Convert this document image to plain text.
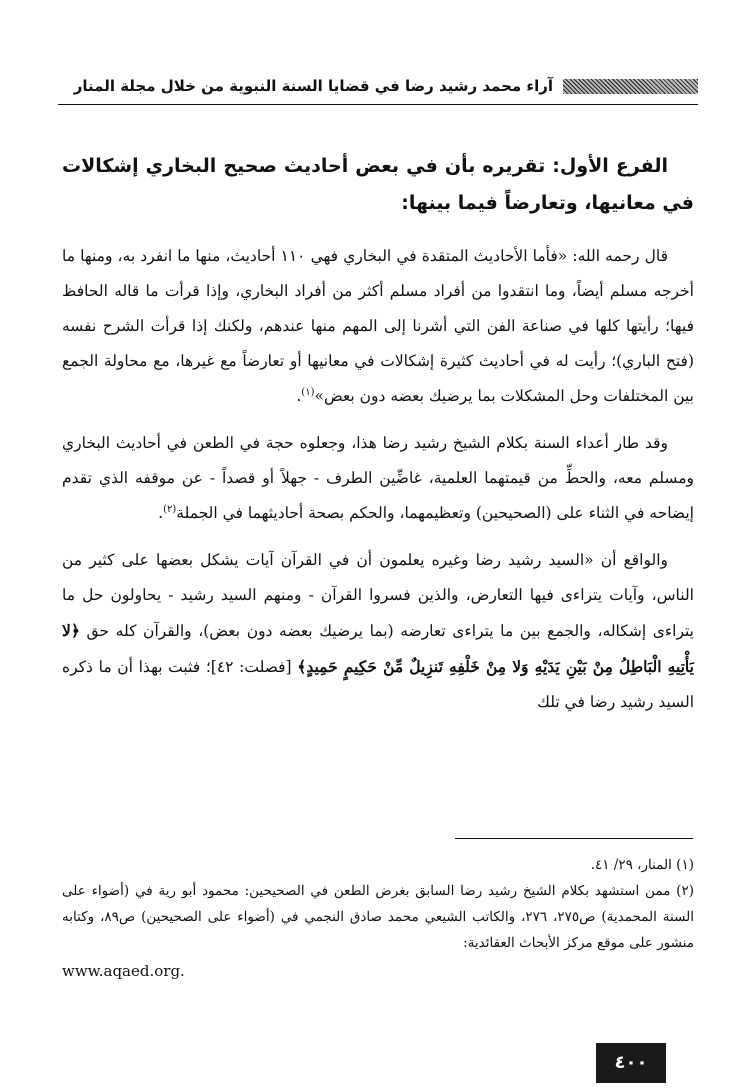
آراء محمد رشيد رضا في قضايا السنة النبوية من خلال مجلة المنار

الفرع الأول: تقريره بأن في بعض أحاديث صحيح البخاري إشكالات في معانيها، وتعارضاً فيما بينها:

قال رحمه الله: «فأما الأحاديث المتقدة في البخاري فهي ١١٠ أحاديث، منها ما انفرد به، ومنها ما أخرجه مسلم أيضاً، وما انتقدوا من أفراد مسلم أكثر من أفراد البخاري، وإذا قرأت ما قاله الحافظ فيها؛ رأيتها كلها في صناعة الفن التي أشرنا إلى المهم منها عندهم، ولكنك إذا قرأت الشرح نفسه (فتح الباري)؛ رأيت له في أحاديث كثيرة إشكالات في معانيها أو تعارضاً مع غيرها، مع محاولة الجمع بين المختلفات وحل المشكلات بما يرضيك بعضه دون بعض»$^{(١)}$.

وقد طار أعداء السنة بكلام الشيخ رشيد رضا هذا، وجعلوه حجة في الطعن في أحاديث البخاري ومسلم معه، والحطِّ من قيمتهما العلمية، غاضِّين الطرف - جهلاً أو قصداً - عن موقفه الذي تقدم إيضاحه في الثناء على (الصحيحين) وتعظيمهما، والحكم بصحة أحاديثهما في الجملة$^{(٢)}$.

والواقع أن «السيد رشيد رضا وغيره يعلمون أن في القرآن آيات يشكل بعضها على كثير من الناس، وآيات يتراءى فيها التعارض، والذين فسروا القرآن - ومنهم السيد رشيد - يحاولون حل ما يتراءى إشكاله، والجمع بين ما يتراءى تعارضه (بما يرضيك بعضه دون بعض)، والقرآن كله حق ﴿لا يَأْتِيهِ الْبَاطِلُ مِنْ بَيْنِ يَدَيْهِ وَلا مِنْ خَلْفِهِ تَنزِيلٌ مِّنْ حَكِيمٍ حَمِيدٍ﴾ [فصلت: ٤٢]؛ فثبت بهذا أن ما ذكره السيد رشيد رضا في تلك

(١) المنار، ٢٩/ ٤١.

(٢) ممن استشهد بكلام الشيخ رشيد رضا السابق بغرض الطعن في الصحيحين: محمود أبو رية في (أضواء على السنة المحمدية) ص٢٧٥، ٢٧٦، والكاتب الشيعي محمد صادق النجمي في (أضواء على الصحيحين) ص٨٩، وكتابه منشور على موقع مركز الأبحاث العقائدية:

www.aqaed.org.

٤٠٠
